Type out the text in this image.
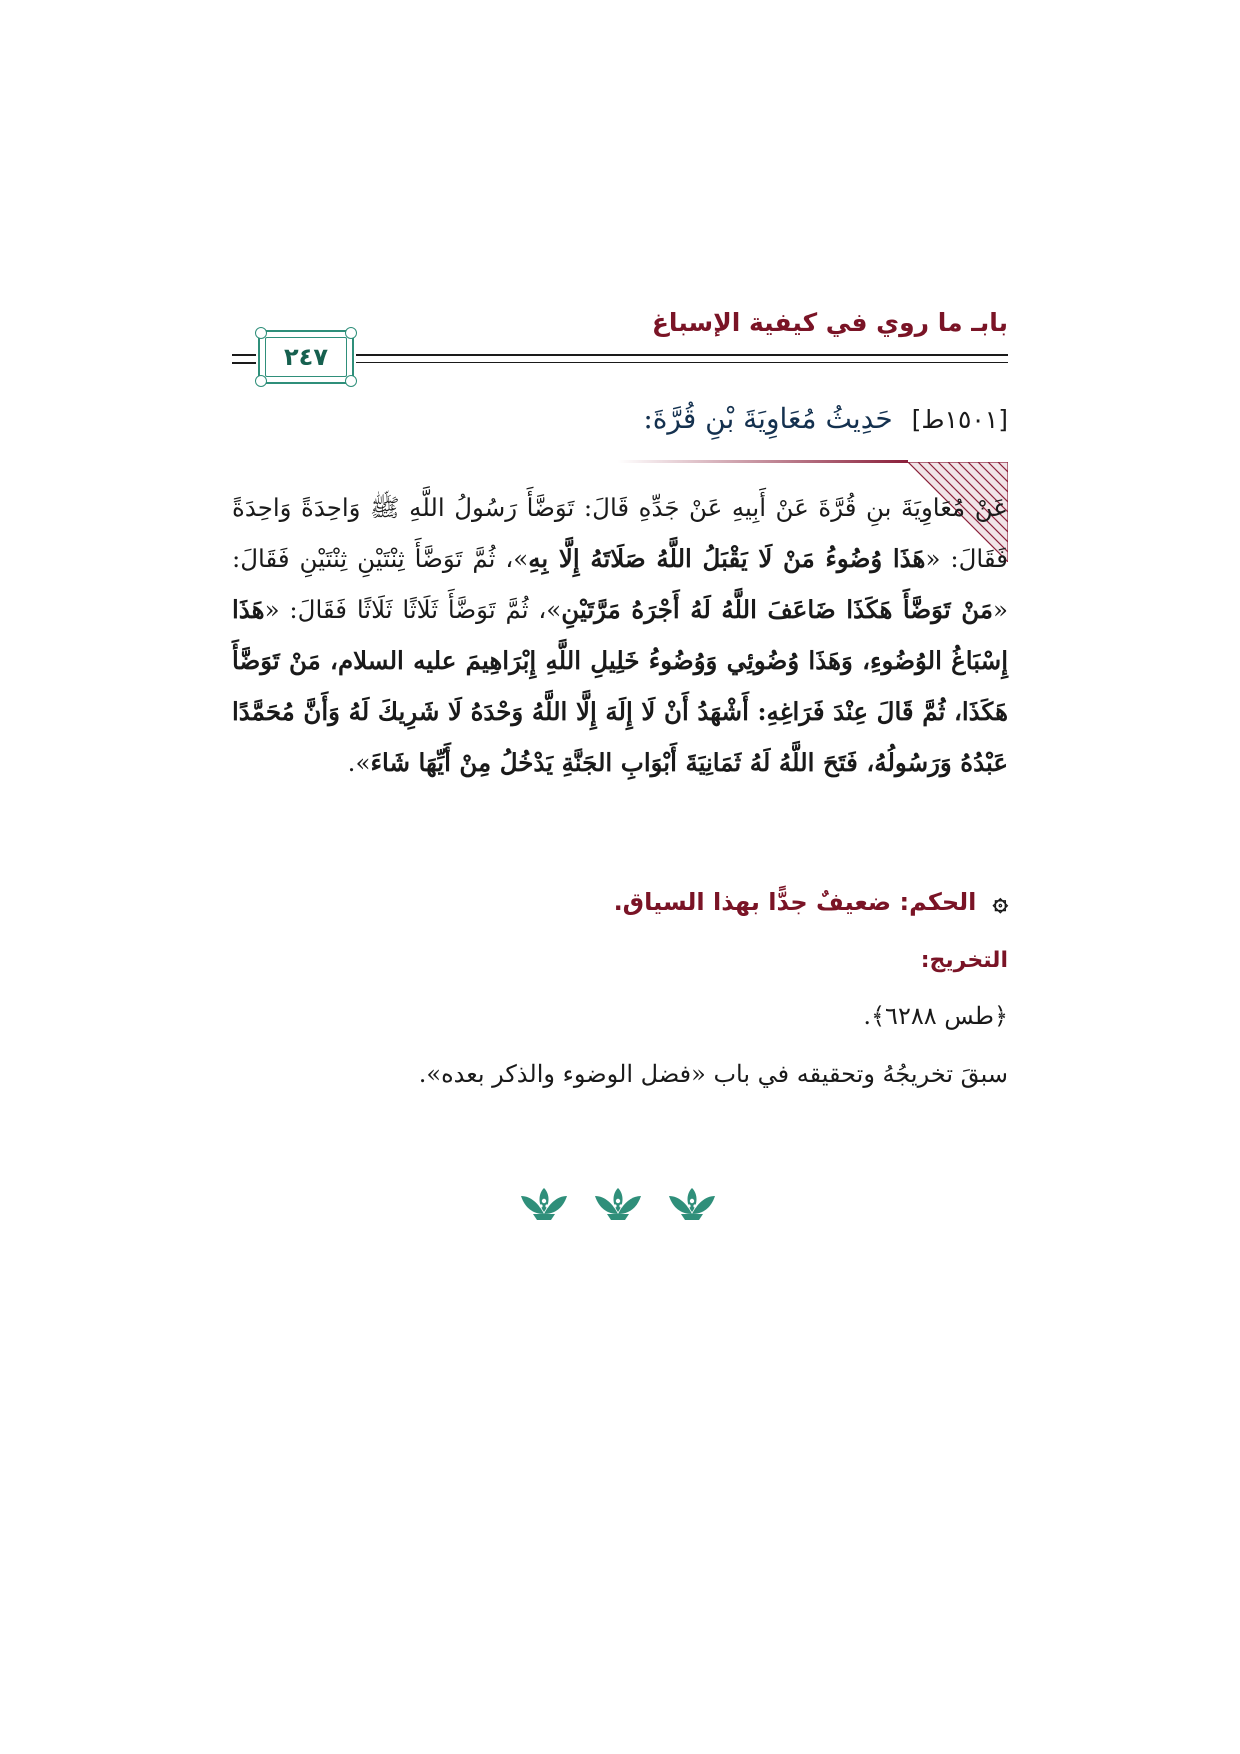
بابـ ما روي في كيفية الإسباغ
٢٤٧
[١٥٠١ط] حَدِيثُ مُعَاوِيَةَ بْنِ قُرَّةَ:
عَنْ مُعَاوِيَةَ بنِ قُرَّةَ عَنْ أَبِيهِ عَنْ جَدِّهِ قَالَ: تَوَضَّأَ رَسُولُ اللَّهِ ﷺ وَاحِدَةً وَاحِدَةً فَقَالَ: «هَذَا وُضُوءُ مَنْ لَا يَقْبَلُ اللَّهُ صَلَاتَهُ إِلَّا بِهِ»، ثُمَّ تَوَضَّأَ ثِنْتَيْنِ ثِنْتَيْنِ فَقَالَ: «مَنْ تَوَضَّأَ هَكَذَا ضَاعَفَ اللَّهُ لَهُ أَجْرَهُ مَرَّتَيْنِ»، ثُمَّ تَوَضَّأَ ثَلَاثًا ثَلَاثًا فَقَالَ: «هَذَا إِسْبَاغُ الوُضُوءِ، وَهَذَا وُضُوئِي وَوُضُوءُ خَلِيلِ اللَّهِ إِبْرَاهِيمَ عليه السلام، مَنْ تَوَضَّأَ هَكَذَا، ثُمَّ قَالَ عِنْدَ فَرَاغِهِ: أَشْهَدُ أَنْ لَا إِلَهَ إِلَّا اللَّهُ وَحْدَهُ لَا شَرِيكَ لَهُ وَأَنَّ مُحَمَّدًا عَبْدُهُ وَرَسُولُهُ، فَتَحَ اللَّهُ لَهُ ثَمَانِيَةَ أَبْوَابِ الجَنَّةِ يَدْخُلُ مِنْ أَيِّهَا شَاءَ».
۞ الحكم: ضعيفٌ جدًّا بهذا السياق.
التخريج:
﴿طس ٦٢٨٨﴾.
سبقَ تخريجُهُ وتحقيقه في باب «فضل الوضوء والذكر بعده».
